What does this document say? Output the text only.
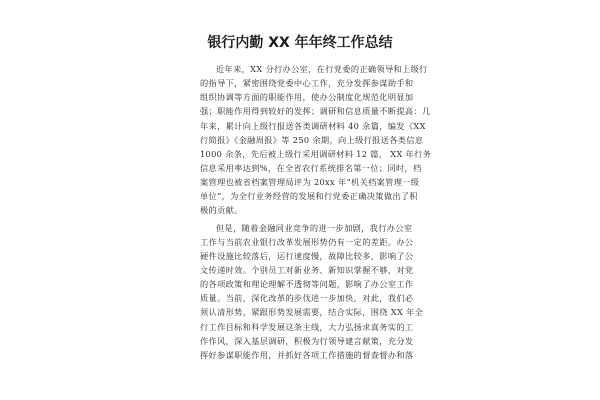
银行内勤 XX 年年终工作总结
近年来，XX 分行办公室，在行党委的正确领导和上级行
的指导下，紧密围绕党委中心工作，充分发挥参谋助手和
组织协调等方面的职能作用，使办公制度化规范化明显加
强；职能作用得到较好的发挥；调研和信息质量不断提高：几
年来，累计向上级行报送各类调研材料 40 余篇，编发《XX
行简报》《金融周报》等 250 余期，向上级行报送各类信息
1000 余条，先后被上级行采用调研材料 12 篇， XX 年行务
信息采用率达到%，在全省农行系统排名第一位；同时，档
案管理也被省档案管理局评为 20xx 年“机关档案管理一级
单位”，为全行业务经营的发展和行党委正确决策做出了积
极的贡献。
但是，随着金融同业竞争的进一步加剧，我行办公室
工作与当前农业银行改革发展形势仍有一定的差距。办公
硬件设施比较落后，运行速度慢，故障比较多，影响了公
文传递时效。个别员工对新业务、新知识掌握不够，对党
的各项政策和理论理解不透彻等问题，影响了办公室工作
质量。当前，深化改革的步伐进一步加快，对此，我们必
须认清形势，紧跟形势发展需要，结合实际，围绕 XX 年全
行工作目标和科学发展这条主线，大力弘扬求真务实的工
作作风，深入基层调研，积极为行领导建言献策，充分发
挥好参谋职能作用，并抓好各项工作措施的督查督办和落
